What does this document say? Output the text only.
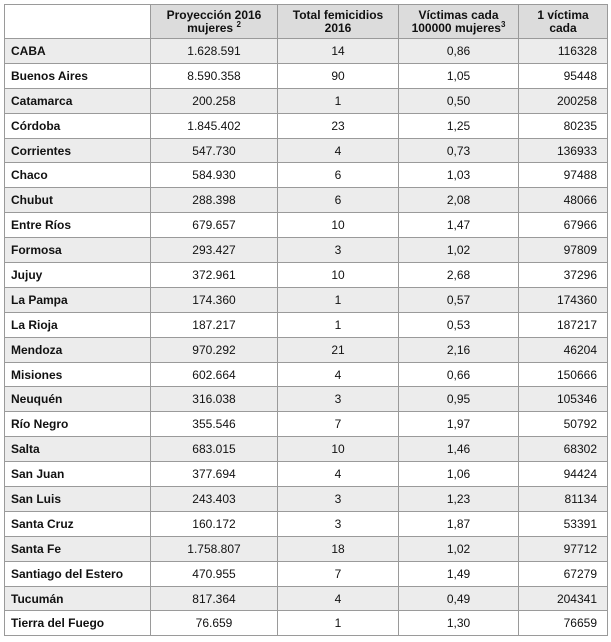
	Proyección 2016 mujeres $^2$	Total femicidios 2016	Víctimas cada 100000 mujeres$^3$	1 víctima cada
CABA	1.628.591	14	0,86	116328
Buenos Aires	8.590.358	90	1,05	95448
Catamarca	200.258	1	0,50	200258
Córdoba	1.845.402	23	1,25	80235
Corrientes	547.730	4	0,73	136933
Chaco	584.930	6	1,03	97488
Chubut	288.398	6	2,08	48066
Entre Ríos	679.657	10	1,47	67966
Formosa	293.427	3	1,02	97809
Jujuy	372.961	10	2,68	37296
La Pampa	174.360	1	0,57	174360
La Rioja	187.217	1	0,53	187217
Mendoza	970.292	21	2,16	46204
Misiones	602.664	4	0,66	150666
Neuquén	316.038	3	0,95	105346
Río Negro	355.546	7	1,97	50792
Salta	683.015	10	1,46	68302
San Juan	377.694	4	1,06	94424
San Luis	243.403	3	1,23	81134
Santa Cruz	160.172	3	1,87	53391
Santa Fe	1.758.807	18	1,02	97712
Santiago del Estero	470.955	7	1,49	67279
Tucumán	817.364	4	0,49	204341
Tierra del Fuego	76.659	1	1,30	76659
